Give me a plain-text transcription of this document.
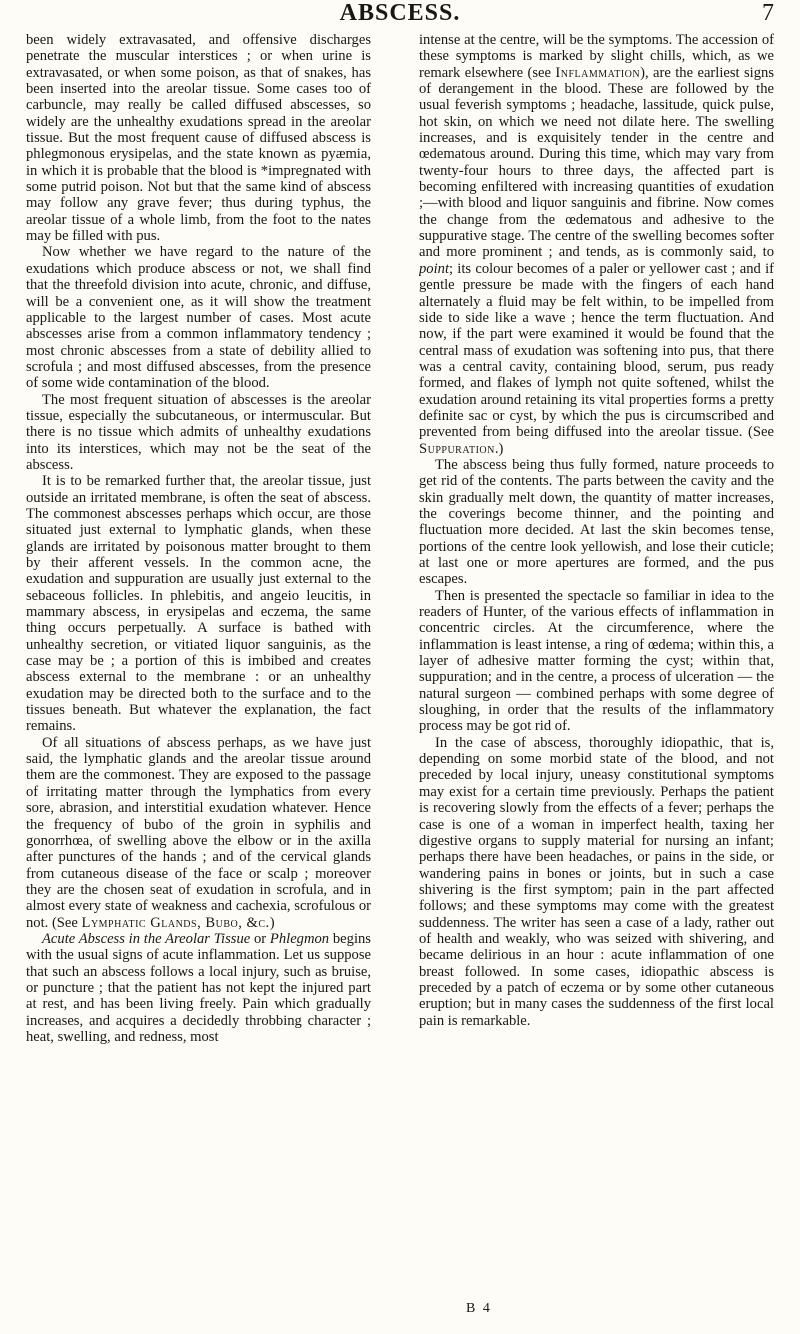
ABSCESS.	7

been widely extravasated, and offensive discharges penetrate the muscular interstices ; or when urine is extravasated, or when some poison, as that of snakes, has been inserted into the areolar tissue. Some cases too of carbuncle, may really be called diffused abscesses, so widely are the unhealthy exudations spread in the areolar tissue. But the most frequent cause of diffused abscess is phlegmonous erysipelas, and the state known as pyæmia, in which it is probable that the blood is *impregnated with some putrid poison. Not but that the same kind of abscess may follow any grave fever; thus during typhus, the areolar tissue of a whole limb, from the foot to the nates may be filled with pus.

Now whether we have regard to the nature of the exudations which produce abscess or not, we shall find that the threefold division into acute, chronic, and diffuse, will be a convenient one, as it will show the treatment applicable to the largest number of cases. Most acute abscesses arise from a common inflammatory tendency ; most chronic abscesses from a state of debility allied to scrofula ; and most diffused abscesses, from the presence of some wide contamination of the blood.

The most frequent situation of abscesses is the areolar tissue, especially the subcutaneous, or intermuscular. But there is no tissue which admits of unhealthy exudations into its interstices, which may not be the seat of the abscess.

It is to be remarked further that, the areolar tissue, just outside an irritated membrane, is often the seat of abscess. The commonest abscesses perhaps which occur, are those situated just external to lymphatic glands, when these glands are irritated by poisonous matter brought to them by their afferent vessels. In the common acne, the exudation and suppuration are usually just external to the sebaceous follicles. In phlebitis, and angeio leucitis, in mammary abscess, in erysipelas and eczema, the same thing occurs perpetually. A surface is bathed with unhealthy secretion, or vitiated liquor sanguinis, as the case may be ; a portion of this is imbibed and creates abscess external to the membrane : or an unhealthy exudation may be directed both to the surface and to the tissues beneath. But whatever the explanation, the fact remains.

Of all situations of abscess perhaps, as we have just said, the lymphatic glands and the areolar tissue around them are the commonest. They are exposed to the passage of irritating matter through the lymphatics from every sore, abrasion, and interstitial exudation whatever. Hence the frequency of bubo of the groin in syphilis and gonorrhœa, of swelling above the elbow or in the axilla after punctures of the hands ; and of the cervical glands from cutaneous disease of the face or scalp ; moreover they are the chosen seat of exudation in scrofula, and in almost every state of weakness and cachexia, scrofulous or not. (See Lymphatic Glands, Bubo, &c.)

Acute Abscess in the Areolar Tissue or Phlegmon begins with the usual signs of acute inflammation. Let us suppose that such an abscess follows a local injury, such as bruise, or puncture ; that the patient has not kept the injured part at rest, and has been living freely. Pain which gradually increases, and acquires a decidedly throbbing character ; heat, swelling, and redness, most

intense at the centre, will be the symptoms. The accession of these symptoms is marked by slight chills, which, as we remark elsewhere (see Inflammation), are the earliest signs of derangement in the blood. These are followed by the usual feverish symptoms ; headache, lassitude, quick pulse, hot skin, on which we need not dilate here. The swelling increases, and is exquisitely tender in the centre and œdematous around. During this time, which may vary from twenty-four hours to three days, the affected part is becoming enfiltered with increasing quantities of exudation ;—with blood and liquor sanguinis and fibrine. Now comes the change from the œdematous and adhesive to the suppurative stage. The centre of the swelling becomes softer and more prominent ; and tends, as is commonly said, to point; its colour becomes of a paler or yellower cast ; and if gentle pressure be made with the fingers of each hand alternately a fluid may be felt within, to be impelled from side to side like a wave ; hence the term fluctuation. And now, if the part were examined it would be found that the central mass of exudation was softening into pus, that there was a central cavity, containing blood, serum, pus ready formed, and flakes of lymph not quite softened, whilst the exudation around retaining its vital properties forms a pretty definite sac or cyst, by which the pus is circumscribed and prevented from being diffused into the areolar tissue. (See Suppuration.)

The abscess being thus fully formed, nature proceeds to get rid of the contents. The parts between the cavity and the skin gradually melt down, the quantity of matter increases, the coverings become thinner, and the pointing and fluctuation more decided. At last the skin becomes tense, portions of the centre look yellowish, and lose their cuticle; at last one or more apertures are formed, and the pus escapes.

Then is presented the spectacle so familiar in idea to the readers of Hunter, of the various effects of inflammation in concentric circles. At the circumference, where the inflammation is least intense, a ring of œdema; within this, a layer of adhesive matter forming the cyst; within that, suppuration; and in the centre, a process of ulceration — the natural surgeon — combined perhaps with some degree of sloughing, in order that the results of the inflammatory process may be got rid of.

In the case of abscess, thoroughly idiopathic, that is, depending on some morbid state of the blood, and not preceded by local injury, uneasy constitutional symptoms may exist for a certain time previously. Perhaps the patient is recovering slowly from the effects of a fever; perhaps the case is one of a woman in imperfect health, taxing her digestive organs to supply material for nursing an infant; perhaps there have been headaches, or pains in the side, or wandering pains in bones or joints, but in such a case shivering is the first symptom; pain in the part affected follows; and these symptoms may come with the greatest suddenness. The writer has seen a case of a lady, rather out of health and weakly, who was seized with shivering, and became delirious in an hour : acute inflammation of one breast followed. In some cases, idiopathic abscess is preceded by a patch of eczema or by some other cutaneous eruption; but in many cases the suddenness of the first local pain is remarkable.

B 4
